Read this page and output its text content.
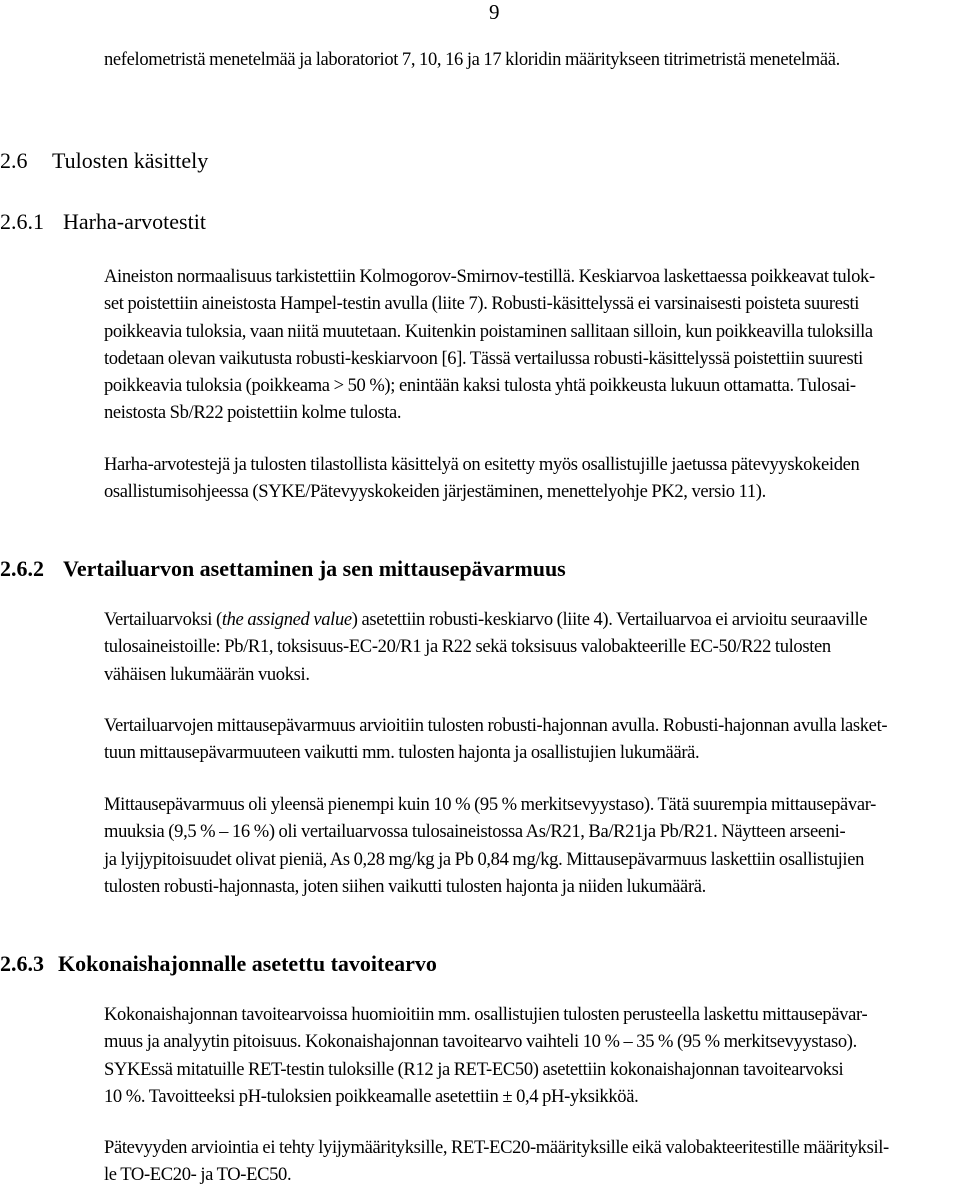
9

nefelometristä menetelmää ja laboratoriot 7, 10, 16 ja 17 kloridin määritykseen titrimetristä menetelmää.

2.6 Tulosten käsittely
2.6.1 Harha-arvotestit

Aineiston normaalisuus tarkistettiin Kolmogorov-Smirnov-testillä. Keskiarvoa laskettaessa poikkeavat tulok-
set poistettiin aineistosta Hampel-testin avulla (liite 7). Robusti-käsittelyssä ei varsinaisesti poisteta suuresti
poikkeavia tuloksia, vaan niitä muutetaan. Kuitenkin poistaminen sallitaan silloin, kun poikkeavilla tuloksilla
todetaan olevan vaikutusta robusti-keskiarvoon [6]. Tässä vertailussa robusti-käsittelyssä poistettiin suuresti
poikkeavia tuloksia (poikkeama > 50 %); enintään kaksi tulosta yhtä poikkeusta lukuun ottamatta. Tulosai-
neistosta Sb/R22 poistettiin kolme tulosta.

Harha-arvotestejä ja tulosten tilastollista käsittelyä on esitetty myös osallistujille jaetussa pätevyyskokeiden
osallistumisohjeessa (SYKE/Pätevyyskokeiden järjestäminen, menettelyohje PK2, versio 11).

2.6.2 Vertailuarvon asettaminen ja sen mittausepävarmuus

Vertailuarvoksi (the assigned value) asetettiin robusti-keskiarvo (liite 4). Vertailuarvoa ei arvioitu seuraaville
tulosaineistoille: Pb/R1, toksisuus-EC-20/R1 ja R22 sekä toksisuus valobakteerille EC-50/R22 tulosten
vähäisen lukumäärän vuoksi.

Vertailuarvojen mittausepävarmuus arvioitiin tulosten robusti-hajonnan avulla. Robusti-hajonnan avulla lasket-
tuun mittausepävarmuuteen vaikutti mm. tulosten hajonta ja osallistujien lukumäärä.

Mittausepävarmuus oli yleensä pienempi kuin 10 % (95 % merkitsevyystaso). Tätä suurempia mittausepävar-
muuksia (9,5 % – 16 %) oli vertailuarvossa tulosaineistossa As/R21, Ba/R21ja Pb/R21. Näytteen arseeni-
ja lyijypitoisuudet olivat pieniä, As 0,28 mg/kg ja Pb 0,84 mg/kg. Mittausepävarmuus laskettiin osallistujien
tulosten robusti-hajonnasta, joten siihen vaikutti tulosten hajonta ja niiden lukumäärä.

2.6.3 Kokonaishajonnalle asetettu tavoitearvo

Kokonaishajonnan tavoitearvoissa huomioitiin mm. osallistujien tulosten perusteella laskettu mittausepävar-
muus ja analyytin pitoisuus. Kokonaishajonnan tavoitearvo vaihteli 10 % – 35 % (95 % merkitsevyystaso).
SYKEssä mitatuille RET-testin tuloksille (R12 ja RET-EC50) asetettiin kokonaishajonnan tavoitearvoksi
10 %. Tavoitteeksi pH-tuloksien poikkeamalle asetettiin ± 0,4 pH-yksikköä.

Pätevyyden arviointia ei tehty lyijymäärityksille, RET-EC20-määrityksille eikä valobakteeritestille määrityksil-
le TO-EC20- ja TO-EC50.
